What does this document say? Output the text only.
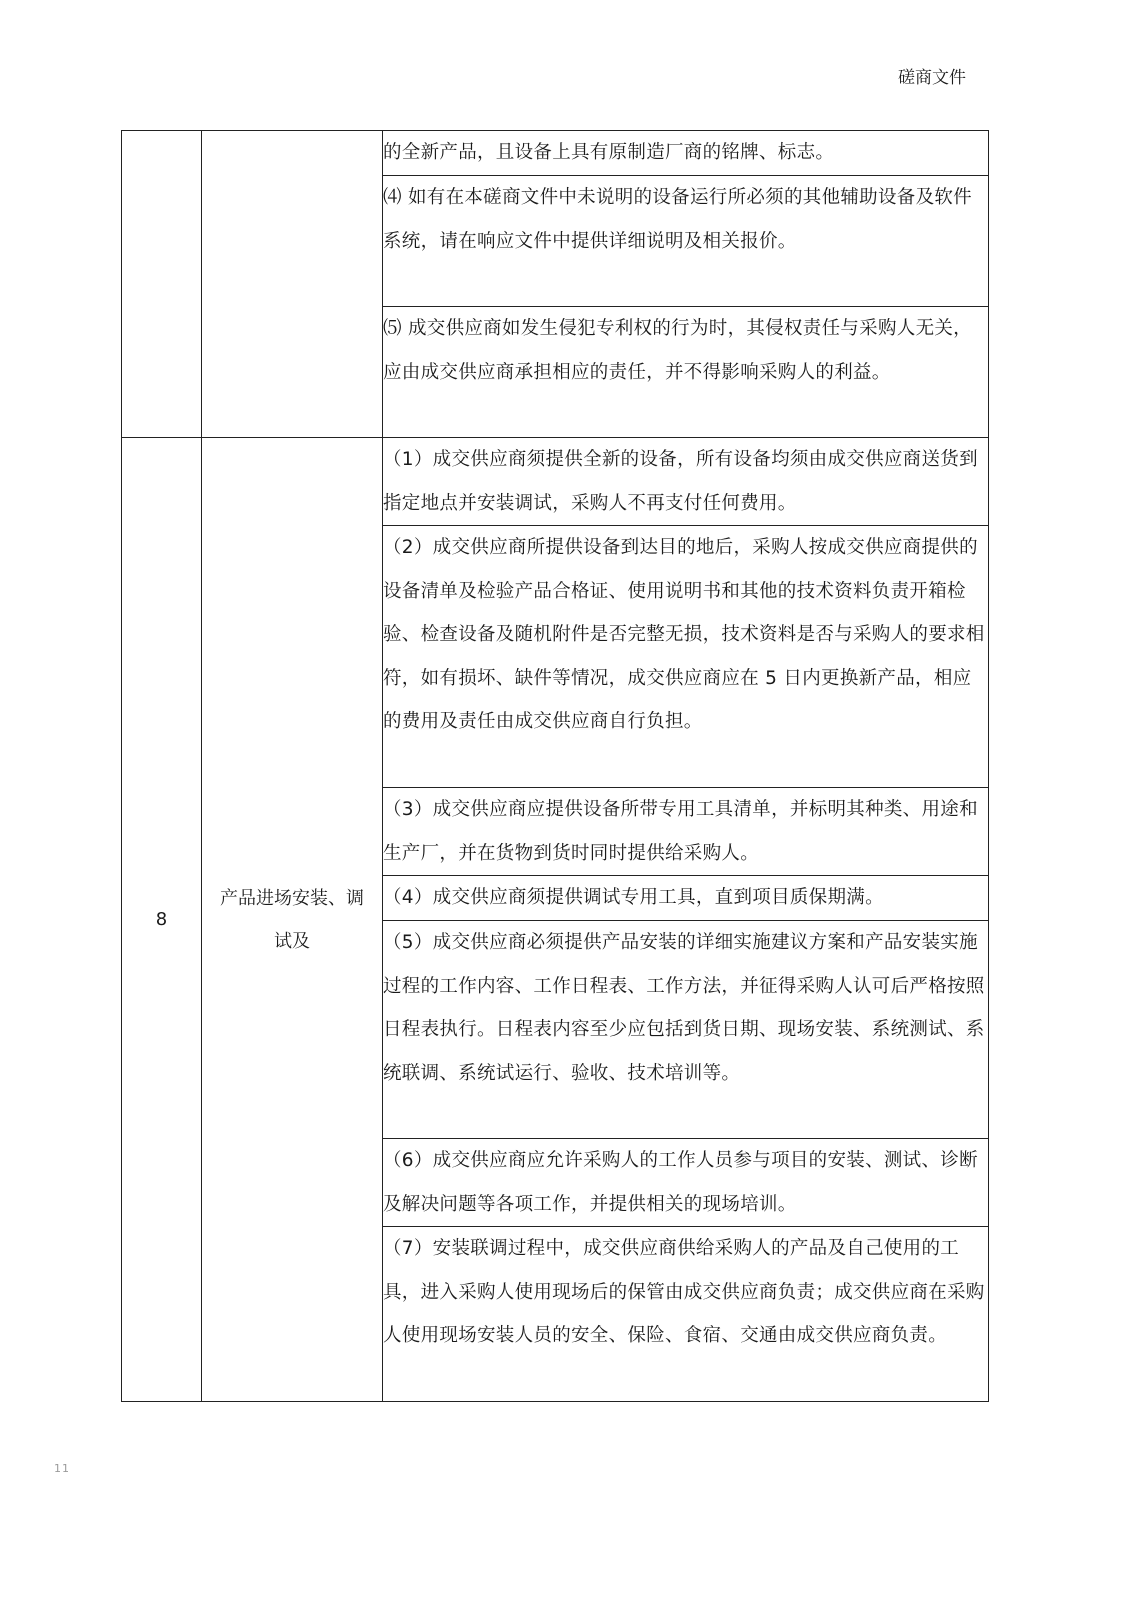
磋商文件
		的全新产品，且设备上具有原制造厂商的铭牌、标志。
		⑷ 如有在本磋商文件中未说明的设备运行所必须的其他辅助设备及软件系统，请在响应文件中提供详细说明及相关报价。
		⑸ 成交供应商如发生侵犯专利权的行为时，其侵权责任与采购人无关，应由成交供应商承担相应的责任，并不得影响采购人的利益。
8	产品进场安装、调试及	（1）成交供应商须提供全新的设备，所有设备均须由成交供应商送货到指定地点并安装调试，采购人不再支付任何费用。
		（2）成交供应商所提供设备到达目的地后，采购人按成交供应商提供的设备清单及检验产品合格证、使用说明书和其他的技术资料负责开箱检验、检查设备及随机附件是否完整无损，技术资料是否与采购人的要求相符，如有损坏、缺件等情况，成交供应商应在 5 日内更换新产品，相应的费用及责任由成交供应商自行负担。
		（3）成交供应商应提供设备所带专用工具清单，并标明其种类、用途和生产厂，并在货物到货时同时提供给采购人。
		（4）成交供应商须提供调试专用工具，直到项目质保期满。
		（5）成交供应商必须提供产品安装的详细实施建议方案和产品安装实施过程的工作内容、工作日程表、工作方法，并征得采购人认可后严格按照日程表执行。日程表内容至少应包括到货日期、现场安装、系统测试、系统联调、系统试运行、验收、技术培训等。
		（6）成交供应商应允许采购人的工作人员参与项目的安装、测试、诊断及解决问题等各项工作，并提供相关的现场培训。
		（7）安装联调过程中，成交供应商供给采购人的产品及自己使用的工具，进入采购人使用现场后的保管由成交供应商负责；成交供应商在采购人使用现场安装人员的安全、保险、食宿、交通由成交供应商负责。
11
